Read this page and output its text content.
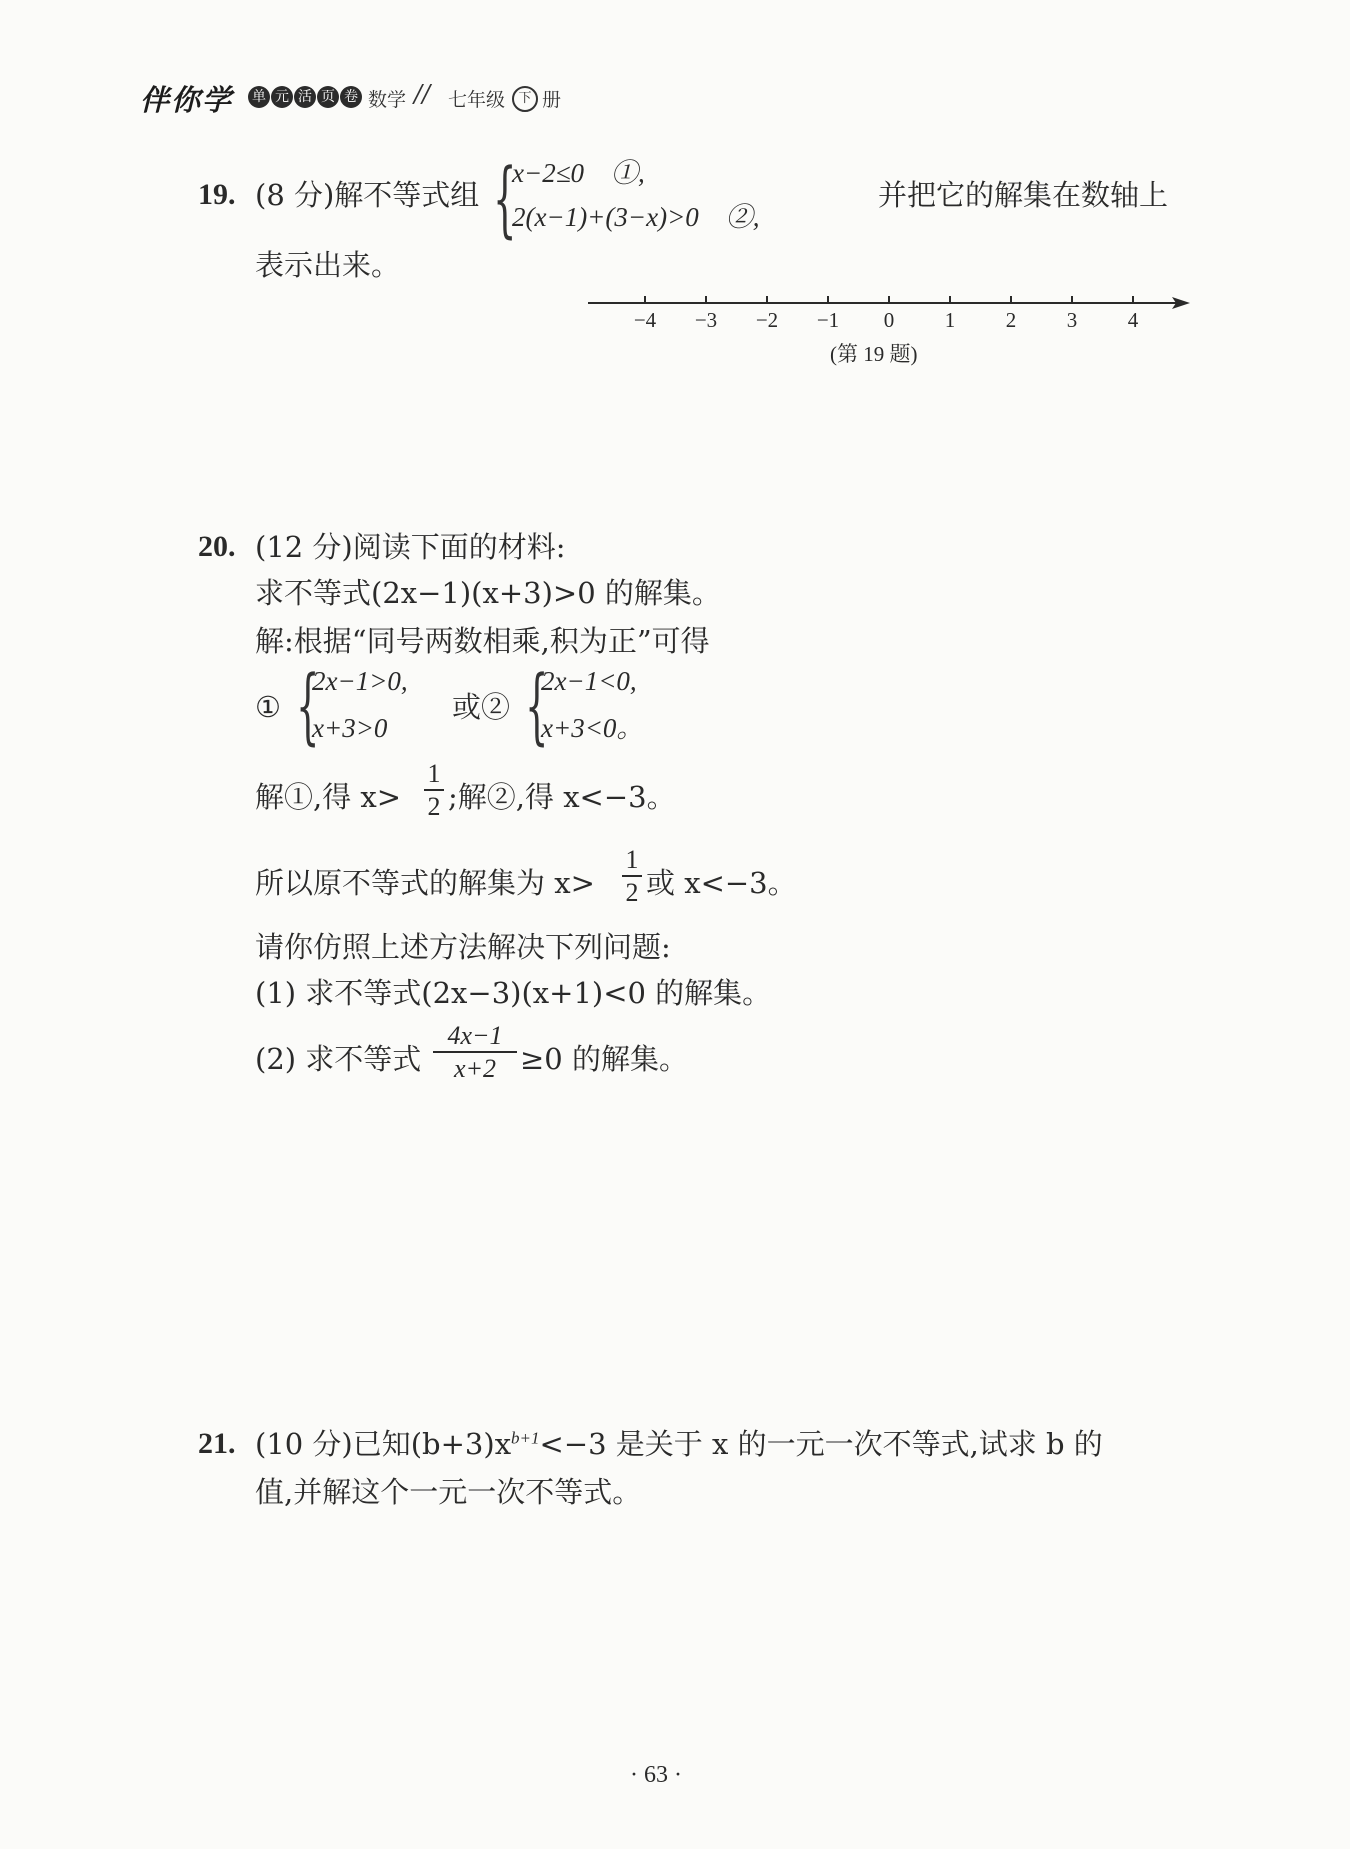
伴你学 单 元 活 页 卷 数学 // 七年级	下 册
19. (8 分)解不等式组 {
x−2≤0　①,
2(x−1)+(3−x)>0　②,
并把它的解集在数轴上
表示出来。
−4 −3 −2 −1 0 1 2 3 4
(第 19 题)
20. (12 分)阅读下面的材料:
求不等式(2x−1)(x+3)>0 的解集。
解:根据“同号两数相乘,积为正”可得
① {
2x−1>0,
x+3>0
或② {
2x−1<0,
x+3<0。
解①,得 x>
1
2 ;解②,得 x<−3。
所以原不等式的解集为 x>
1
2 或 x<−3。
请你仿照上述方法解决下列问题:
(1) 求不等式(2x−3)(x+1)<0 的解集。
(2) 求不等式
4x−1
x+2 ≥0 的解集。
21. (10 分)已知$(b+3)x^{b+1}<-3$ 是关于 x 的一元一次不等式,试求 b 的
值,并解这个一元一次不等式。
· 63 ·
